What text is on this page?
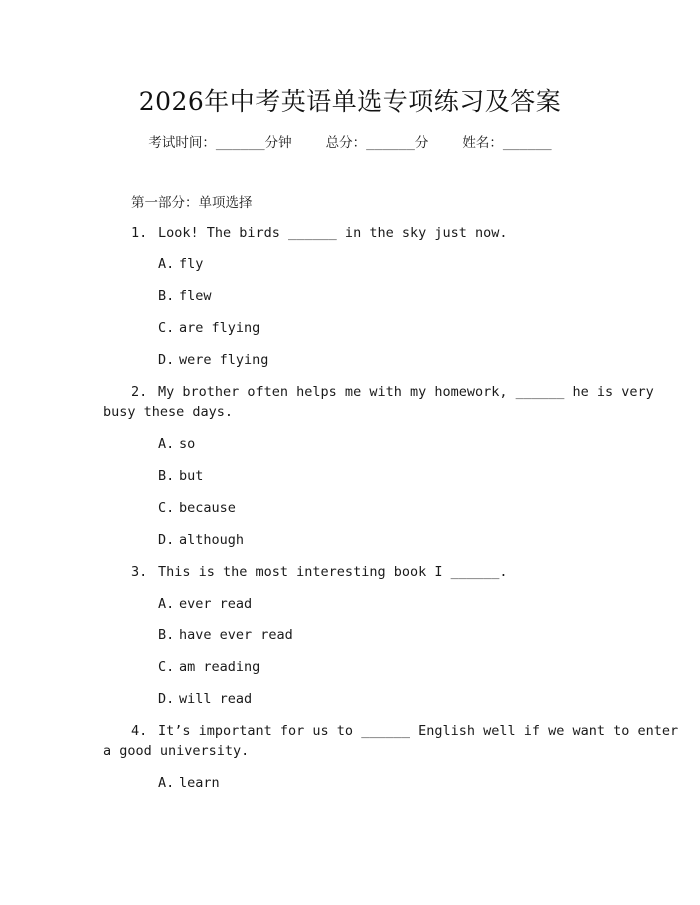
2026年中考英语单选专项练习及答案
考试时间：______分钟	总分：______分	姓名：______
第一部分：单项选择
1. Look! The birds ______ in the sky just now.
A. fly
B. flew
C. are flying
D. were flying
2. My brother often helps me with my homework, ______ he is very
busy these days.
A. so
B. but
C. because
D. although
3. This is the most interesting book I ______.
A. ever read
B. have ever read
C. am reading
D. will read
4. It’s important for us to ______ English well if we want to enter
a good university.
A. learn
